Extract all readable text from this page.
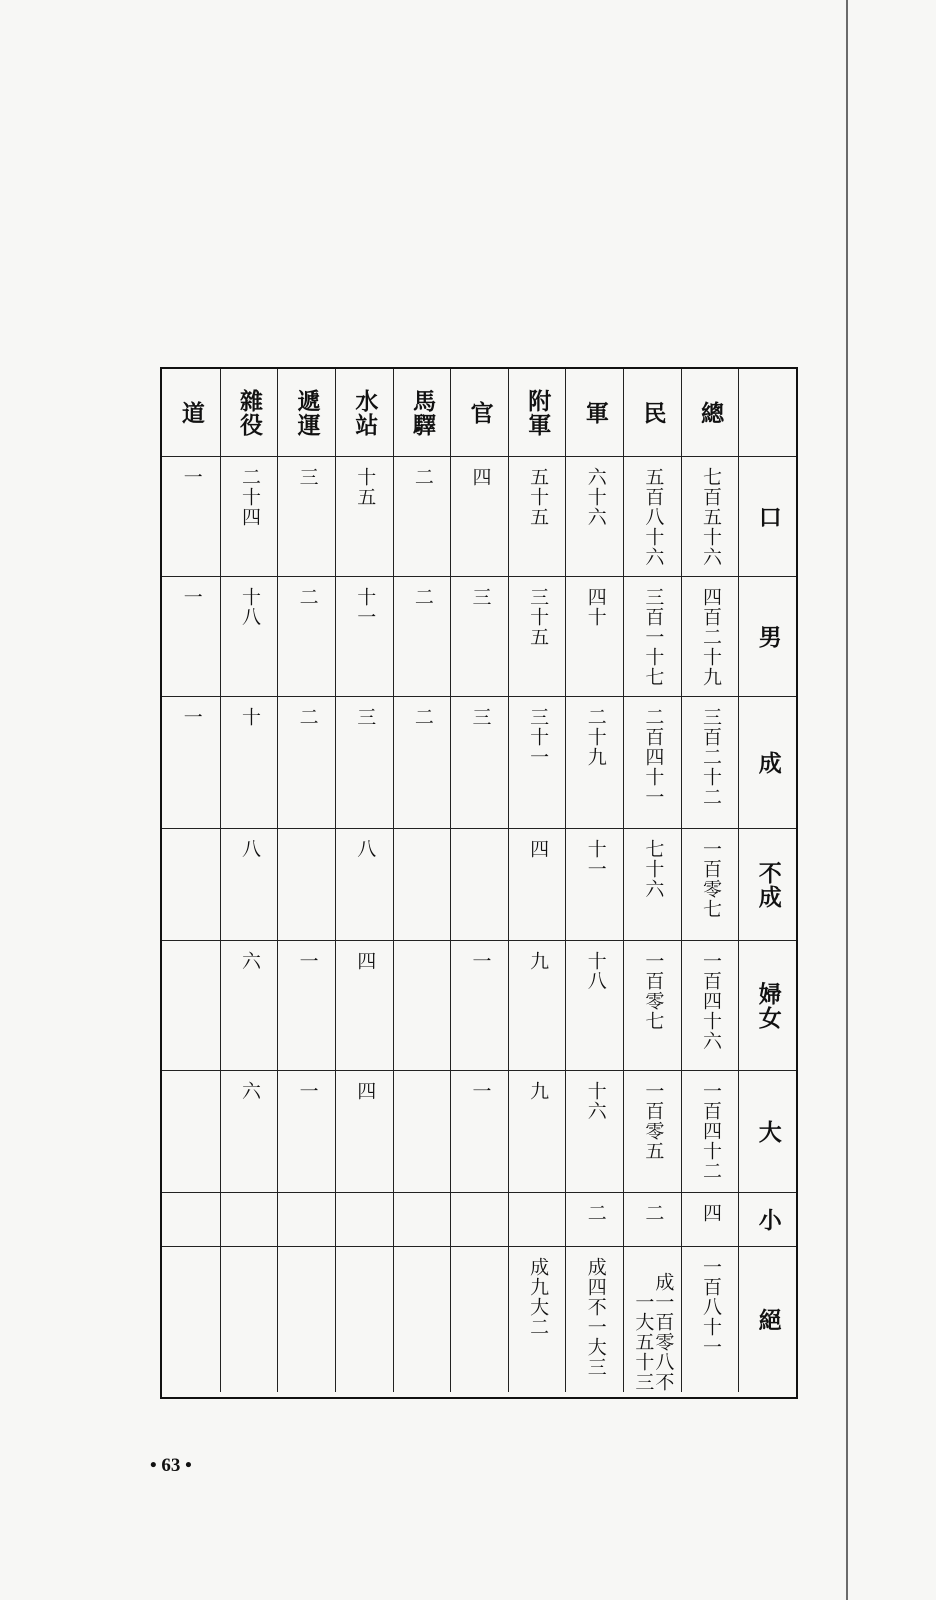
總
民
軍
附軍
官
馬驛
水站
遞運
雜役
道
口
七百五十六
五百八十六
六十六
五十五
四
二
十五
三
二十四
一
男
四百二十九
三百一十七
四十
三十五
三
二
十一
二
十八
一
成
三百二十二
二百四十一
二十九
三十一
三
二
三
二
十
一
不成
一百零七
七十六
十一
四
八
八
婦女
一百四十六
一百零七
十八
九
一
四
一
六
大
一百四十二
一百零五
十六
九
一
四
一
六
小
四
二
二
絕
一百八十一
成一百零八不一大五十三
成四不一大三
成九大二
• 63 •
